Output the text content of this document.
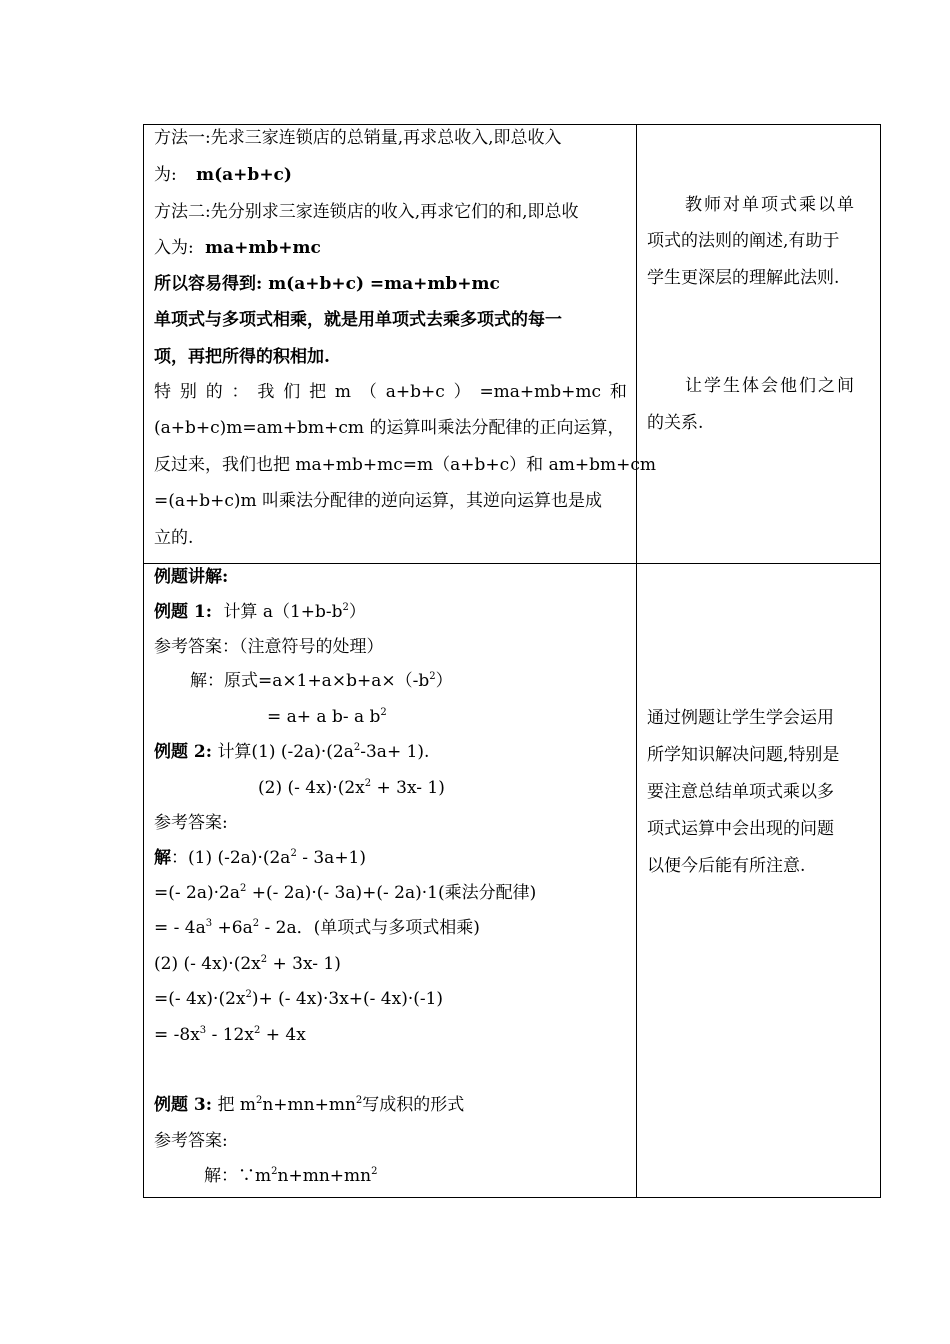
方法一:先求三家连锁店的总销量,再求总收入,即总收入
为: m(a+b+c)
方法二:先分别求三家连锁店的收入,再求它们的和,即总收
入为: ma+mb+mc
所以容易得到: m(a+b+c) =ma+mb+mc
单项式与多项式相乘，就是用单项式去乘多项式的每一
项，再把所得的积相加.
特 别 的 ： 我 们 把 m （ a+b+c ） =ma+mb+mc 和
(a+b+c)m=am+bm+cm 的运算叫乘法分配律的正向运算，
反过来，我们也把 ma+mb+mc=m（a+b+c）和 am+bm+cm
=(a+b+c)m 叫乘法分配律的逆向运算，其逆向运算也是成
立的.
教师对单项式乘以单
项式的法则的阐述,有助于
学生更深层的理解此法则.
让学生体会他们之间
的关系.
例题讲解:
例题 1: 计算 $a(1+b-b^2)$
参考答案：（注意符号的处理）
解：原式$=a\times 1+a\times b+a\times(-b^2)$
= a+ a b- a $b^2$
例题 2: 计算(1) $(-2a)\cdot(2a^2-3a+ 1)$.
(2) (- $4x)\cdot(2x^2 + 3x-$ 1)
参考答案:
解：(1) $(-2a)\cdot(2a^2 - 3a+1)$
=(- $2a)\cdot 2a^2$ +(- 2a)·(- 3a)+(- 2a)·1(乘法分配律)
= - $4a^3 +6a^2 - 2a$．(单项式与多项式相乘)
(2) (- $4x)\cdot(2x^2 + 3x-$ 1)
=(- $4x)\cdot(2x^2)+$ (- 4x)·3x+(- 4x)·(-1)
= $-8x^3 - 12x^2 + 4x$
例题 3: 把 $m^2n+mn+mn^2$写成积的形式
参考答案:
解：$\because m^2n+mn+mn^2$
通过例题让学生学会运用
所学知识解决问题,特别是
要注意总结单项式乘以多
项式运算中会出现的问题
以便今后能有所注意.
